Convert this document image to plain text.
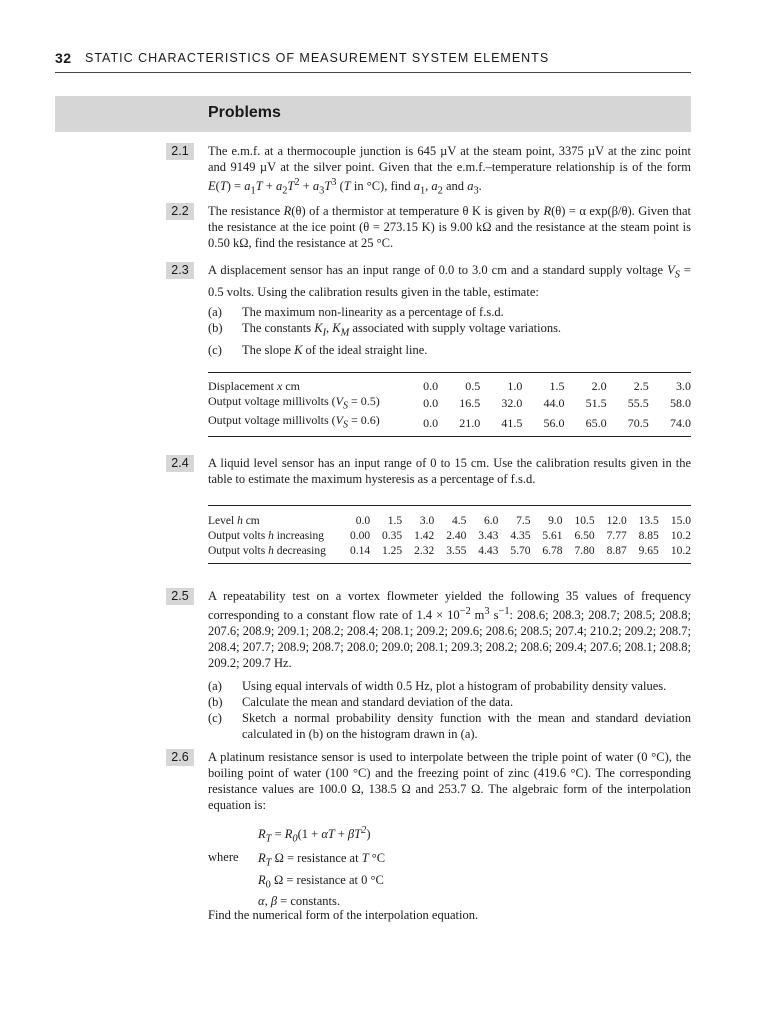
32 STATIC CHARACTERISTICS OF MEASUREMENT SYSTEM ELEMENTS
Problems
2.1	The e.m.f. at a thermocouple junction is 645 µV at the steam point, 3375 µV at the zinc point and 9149 µV at the silver point. Given that the e.m.f.–temperature relationship is of the form $E(T) = a_1T + a_2T^2 + a_3T^3$ (T in °C), find $a_1$, $a_2$ and $a_3$.
2.2	The resistance R(θ) of a thermistor at temperature θ K is given by R(θ) = α exp(β/θ). Given that the resistance at the ice point (θ = 273.15 K) is 9.00 kΩ and the resistance at the steam point is 0.50 kΩ, find the resistance at 25 °C.
2.3	A displacement sensor has an input range of 0.0 to 3.0 cm and a standard supply voltage $V_S = 0.5$ volts. Using the calibration results given in the table, estimate:
(a) The maximum non-linearity as a percentage of f.s.d.
(b) The constants $K_I$, $K_M$ associated with supply voltage variations.
(c) The slope K of the ideal straight line.
Displacement x cm	0.0	0.5	1.0	1.5	2.0	2.5	3.0
Output voltage millivolts $(V_S = 0.5)$	0.0	16.5	32.0	44.0	51.5	55.5	58.0
Output voltage millivolts $(V_S = 0.6)$	0.0	21.0	41.5	56.0	65.0	70.5	74.0
2.4	A liquid level sensor has an input range of 0 to 15 cm. Use the calibration results given in the table to estimate the maximum hysteresis as a percentage of f.s.d.
Level h cm	0.0	1.5	3.0	4.5	6.0	7.5	9.0	10.5	12.0	13.5	15.0
Output volts h increasing	0.00	0.35	1.42	2.40	3.43	4.35	5.61	6.50	7.77	8.85	10.2
Output volts h decreasing	0.14	1.25	2.32	3.55	4.43	5.70	6.78	7.80	8.87	9.65	10.2
2.5	A repeatability test on a vortex flowmeter yielded the following 35 values of frequency corresponding to a constant flow rate of $1.4 \times 10^{-2}$ $m^3$ $s^{-1}$: 208.6; 208.3; 208.7; 208.5; 208.8; 207.6; 208.9; 209.1; 208.2; 208.4; 208.1; 209.2; 209.6; 208.6; 208.5; 207.4; 210.2; 209.2; 208.7; 208.4; 207.7; 208.9; 208.7; 208.0; 209.0; 208.1; 209.3; 208.2; 208.6; 209.4; 207.6; 208.1; 208.8; 209.2; 209.7 Hz.
(a) Using equal intervals of width 0.5 Hz, plot a histogram of probability density values.
(b) Calculate the mean and standard deviation of the data.
(c) Sketch a normal probability density function with the mean and standard deviation calculated in (b) on the histogram drawn in (a).
2.6	A platinum resistance sensor is used to interpolate between the triple point of water (0 °C), the boiling point of water (100 °C) and the freezing point of zinc (419.6 °C). The corresponding resistance values are 100.0 Ω, 138.5 Ω and 253.7 Ω. The algebraic form of the interpolation equation is:
$R_T = R_0(1 + \alpha T + \beta T^2)$
where $R_T$ Ω = resistance at T °C
$R_0$ Ω = resistance at 0 °C
α, β = constants.
Find the numerical form of the interpolation equation.
